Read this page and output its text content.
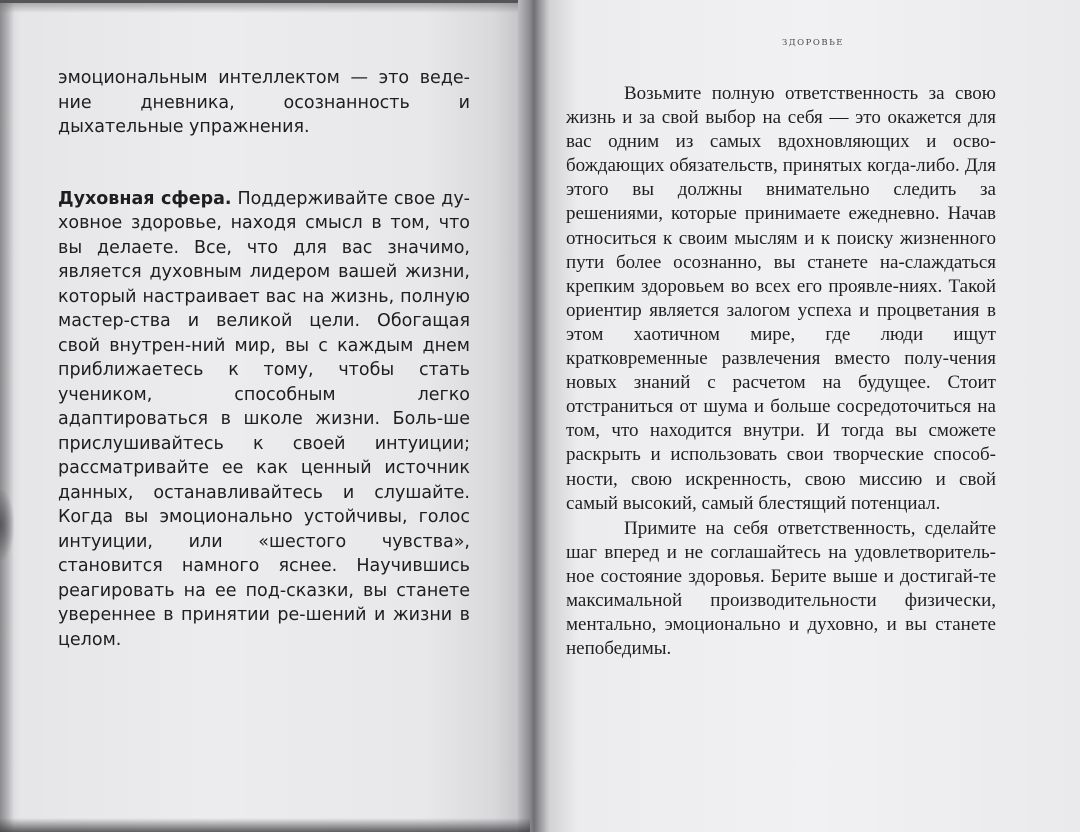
эмоциональным интеллектом — это веде-ние дневника, осознанность и дыхательные упражнения.

Духовная сфера. Поддерживайте свое ду-ховное здоровье, находя смысл в том, что вы делаете. Все, что для вас значимо, является духовным лидером вашей жизни, который настраивает вас на жизнь, полную мастер-ства и великой цели. Обогащая свой внутрен-ний мир, вы с каждым днем приближаетесь к тому, чтобы стать учеником, способным легко адаптироваться в школе жизни. Боль-ше прислушивайтесь к своей интуиции; рассматривайте ее как ценный источник данных, останавливайтесь и слушайте. Когда вы эмоционально устойчивы, голос интуиции, или «шестого чувства», становится намного яснее. Научившись реагировать на ее под-сказки, вы станете увереннее в принятии ре-шений и жизни в целом.

ЗДОРОВЬЕ

Возьмите полную ответственность за свою жизнь и за свой выбор на себя — это окажется для вас одним из самых вдохновляющих и осво-бождающих обязательств, принятых когда-либо. Для этого вы должны внимательно следить за решениями, которые принимаете ежедневно. Начав относиться к своим мыслям и к поиску жизненного пути более осознанно, вы станете на-слаждаться крепким здоровьем во всех его проявле-ниях. Такой ориентир является залогом успеха и процветания в этом хаотичном мире, где люди ищут кратковременные развлечения вместо полу-чения новых знаний с расчетом на будущее. Стоит отстраниться от шума и больше сосредоточиться на том, что находится внутри. И тогда вы сможете раскрыть и использовать свои творческие способ-ности, свою искренность, свою миссию и свой самый высокий, самый блестящий потенциал.

Примите на себя ответственность, сделайте шаг вперед и не соглашайтесь на удовлетворитель-ное состояние здоровья. Берите выше и достигай-те максимальной производительности физически, ментально, эмоционально и духовно, и вы станете непобедимы.
